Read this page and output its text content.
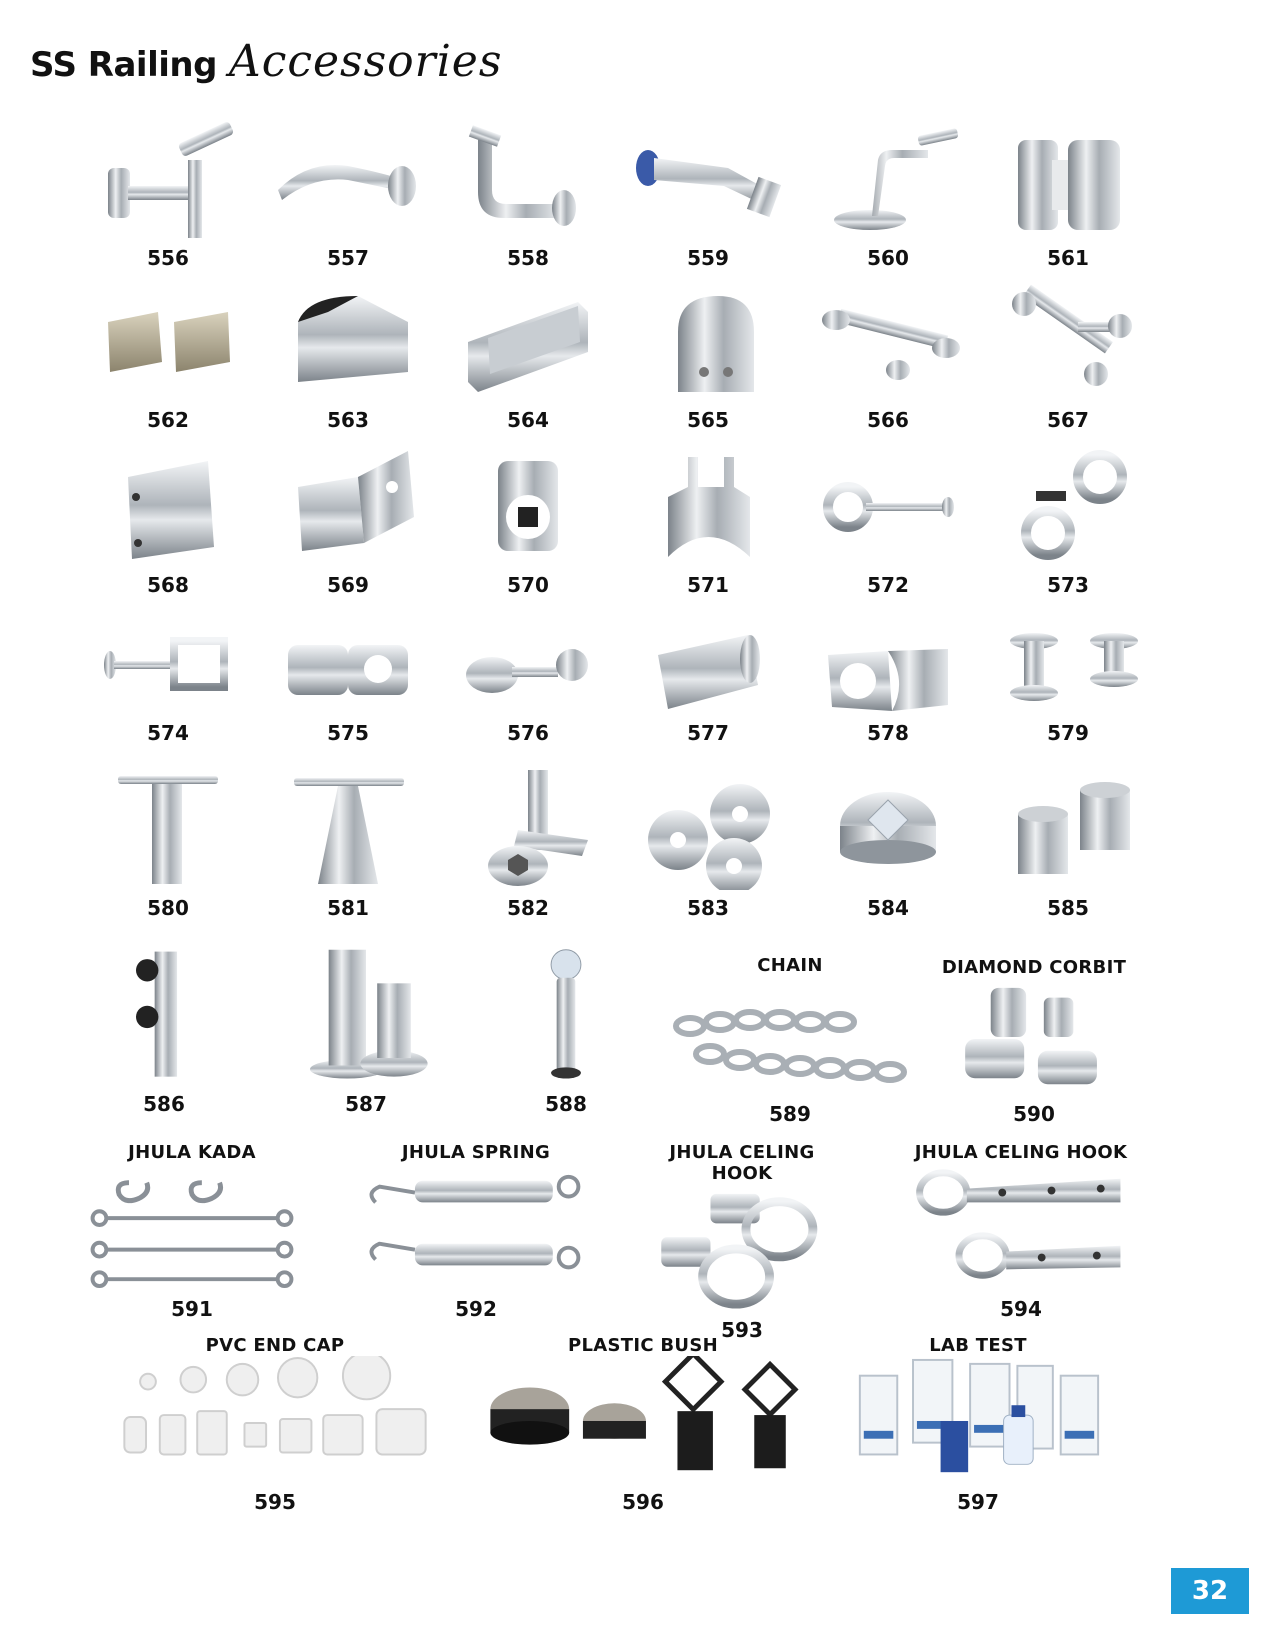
SS Railing Accessories
556	557	558	559	560	561
562	563	564	565	566	567
568	569	570	571	572	573
574	575	576	577	578	579
580	581	582	583	584	585
586	587	588
CHAIN
589
DIAMOND CORBIT
590
JHULA KADA
591
JHULA SPRING
592
JHULA CELING HOOK
593
JHULA CELING HOOK
594
PVC END CAP
595
PLASTIC BUSH
596
LAB TEST
597
32
